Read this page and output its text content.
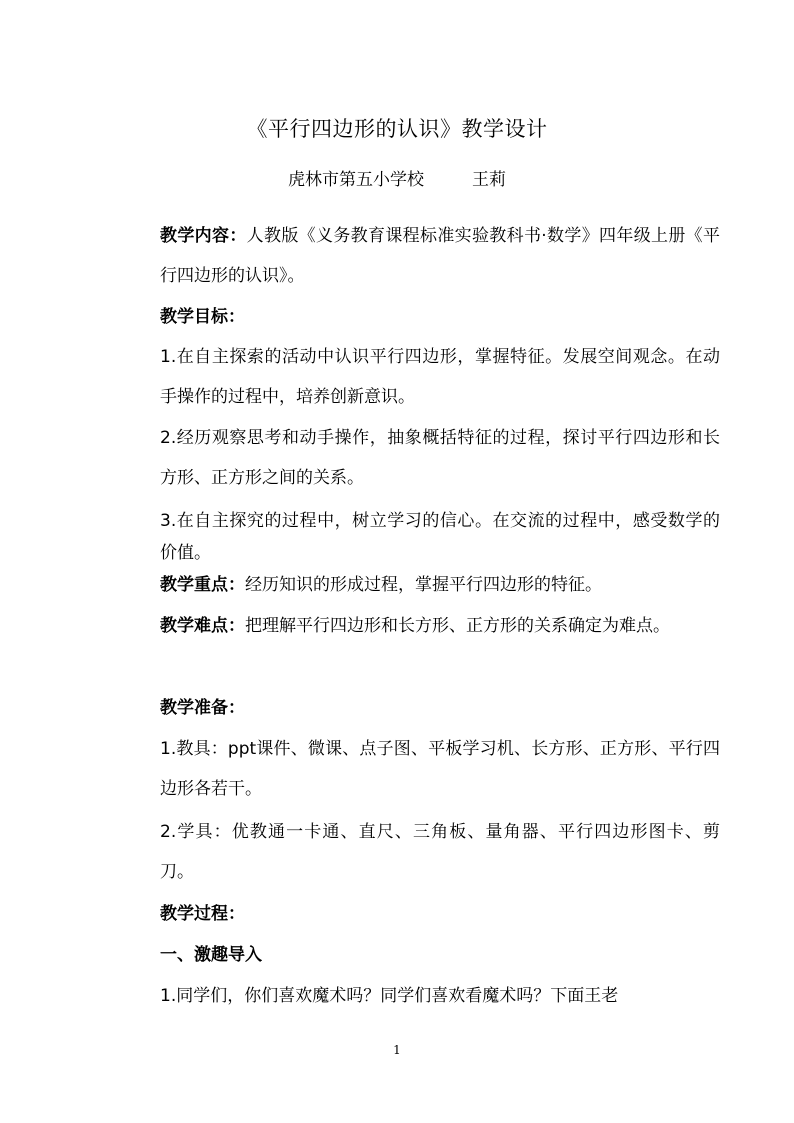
《平行四边形的认识》教学设计
虎林市第五小学校	王莉
教学内容：人教版《义务教育课程标准实验教科书·数学》四年级上册《平行四边形的认识》。
教学目标：
1.在自主探索的活动中认识平行四边形，掌握特征。发展空间观念。在动手操作的过程中，培养创新意识。
2.经历观察思考和动手操作，抽象概括特征的过程，探讨平行四边形和长方形、正方形之间的关系。
3.在自主探究的过程中，树立学习的信心。在交流的过程中，感受数学的价值。
教学重点：经历知识的形成过程，掌握平行四边形的特征。
教学难点：把理解平行四边形和长方形、正方形的关系确定为难点。
教学准备：
1.教具：ppt课件、微课、点子图、平板学习机、长方形、正方形、平行四边形各若干。
2.学具：优教通一卡通、直尺、三角板、量角器、平行四边形图卡、剪刀。
教学过程：
一、激趣导入
1.同学们，你们喜欢魔术吗？同学们喜欢看魔术吗？下面王老
1
